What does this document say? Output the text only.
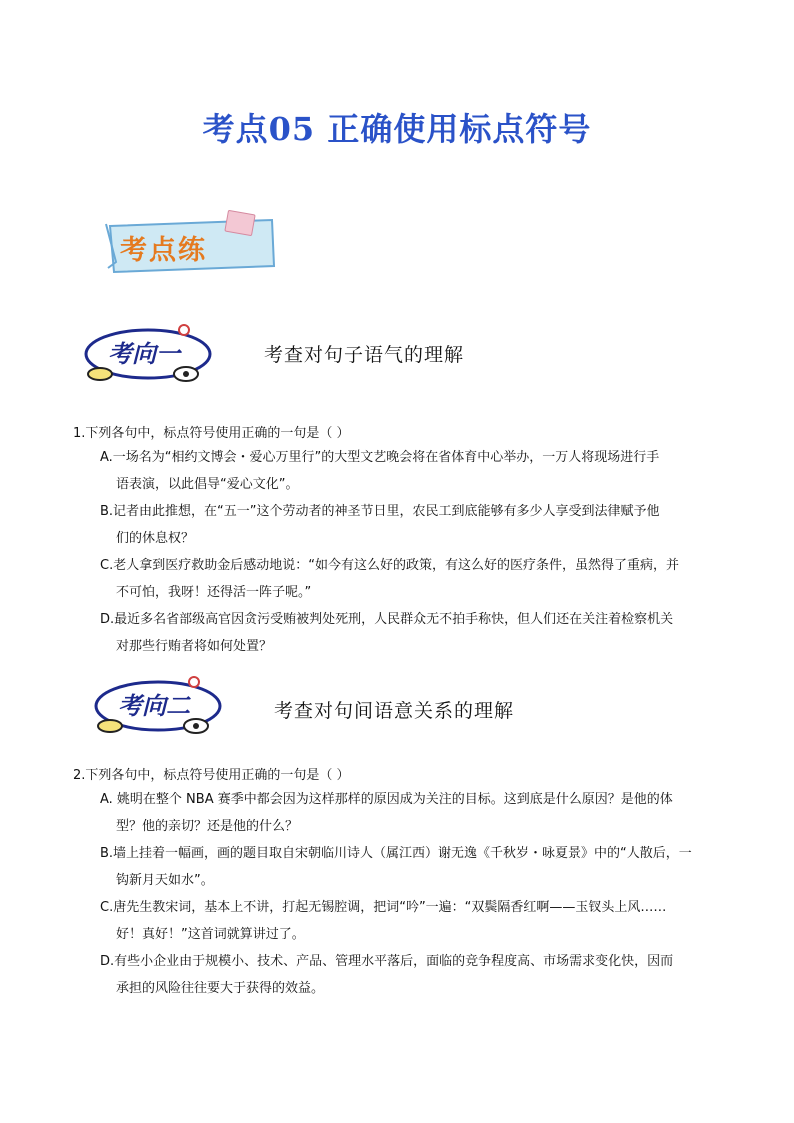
考点05 正确使用标点符号
考点练
考向一	考查对句子语气的理解
1.下列各句中，标点符号使用正确的一句是（ ）
A.一场名为“相约文博会・爱心万里行”的大型文艺晚会将在省体育中心举办，一万人将现场进行手
语表演，以此倡导“爱心文化”。
B.记者由此推想，在“五一”这个劳动者的神圣节日里，农民工到底能够有多少人享受到法律赋予他
们的休息权？
C.老人拿到医疗救助金后感动地说：“如今有这么好的政策，有这么好的医疗条件，虽然得了重病，并
不可怕，我呀！还得活一阵子呢。”
D.最近多名省部级高官因贪污受贿被判处死刑，人民群众无不拍手称快，但人们还在关注着检察机关
对那些行贿者将如何处置？
考向二	考查对句间语意关系的理解
2.下列各句中，标点符号使用正确的一句是（ ）
A. 姚明在整个 NBA 赛季中都会因为这样那样的原因成为关注的目标。这到底是什么原因？是他的体
型？他的亲切？还是他的什么？
B.墙上挂着一幅画，画的题目取自宋朝临川诗人（属江西）谢无逸《千秋岁・咏夏景》中的“人散后，一
钩新月天如水”。
C.唐先生教宋词，基本上不讲，打起无锡腔调，把词“吟”一遍：“双鬓隔香红啊——玉钗头上风……
好！真好！”这首词就算讲过了。
D.有些小企业由于规模小、技术、产品、管理水平落后，面临的竞争程度高、市场需求变化快，因而
承担的风险往往要大于获得的效益。
